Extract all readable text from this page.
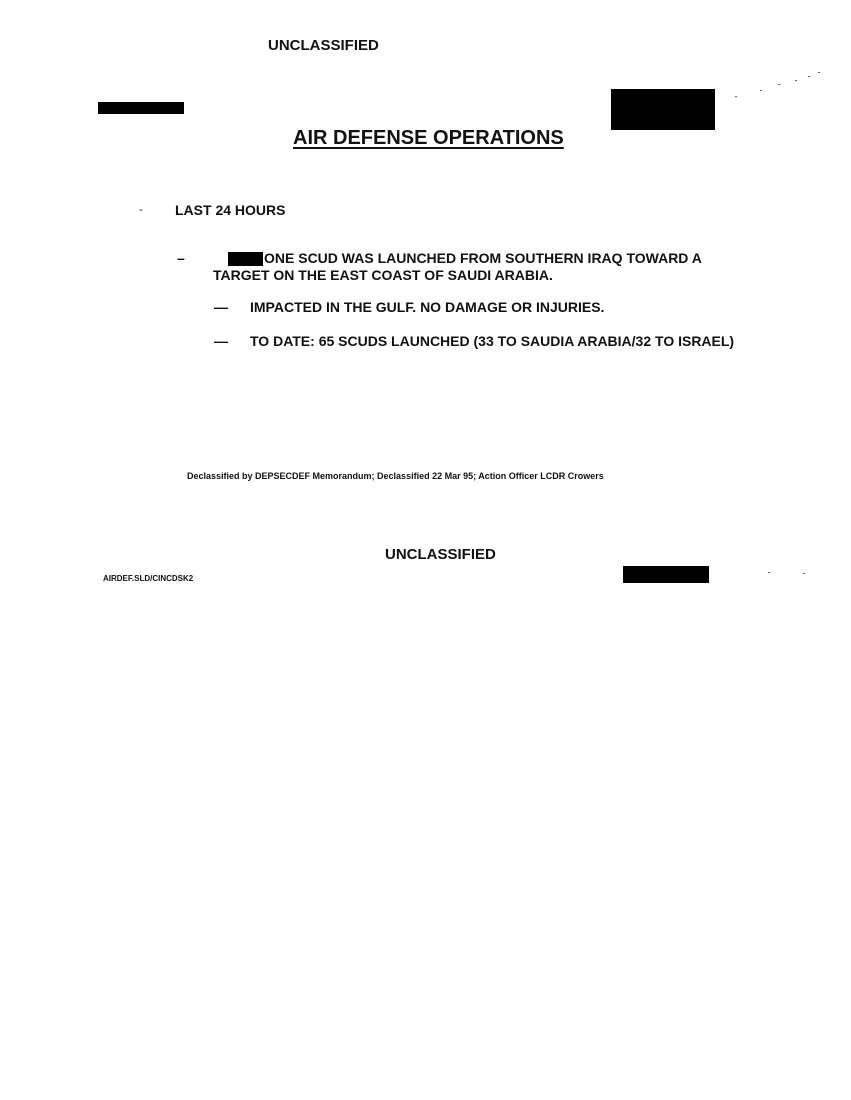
UNCLASSIFIED
AIR DEFENSE OPERATIONS
- LAST 24 HOURS
–	ONE SCUD WAS LAUNCHED FROM SOUTHERN IRAQ TOWARD A
TARGET ON THE EAST COAST OF SAUDI ARABIA.
— IMPACTED IN THE GULF. NO DAMAGE OR INJURIES.
— TO DATE: 65 SCUDS LAUNCHED (33 TO SAUDIA ARABIA/32 TO ISRAEL)
Declassified by DEPSECDEF Memorandum; Declassified 22 Mar 95; Action Officer LCDR Crowers
UNCLASSIFIED
AIRDEF.SLD/CINCDSK2
